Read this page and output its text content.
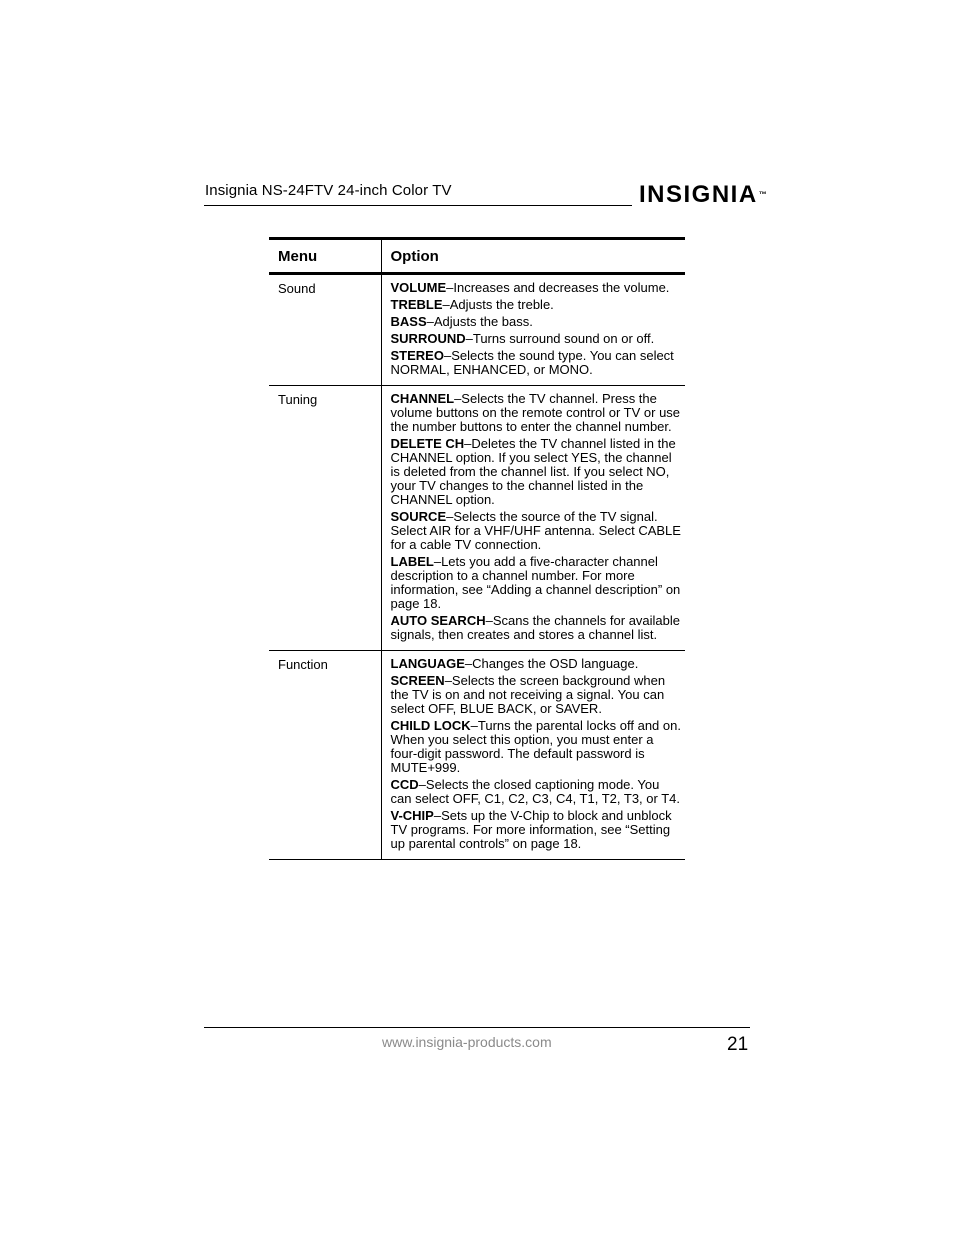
Insignia NS-24FTV 24-inch Color TV	INSIGNIA™
Menu	Option
Sound	VOLUME–Increases and decreases the volume.
TREBLE–Adjusts the treble.
BASS–Adjusts the bass.
SURROUND–Turns surround sound on or off.
STEREO–Selects the sound type. You can select NORMAL, ENHANCED, or MONO.

Tuning	CHANNEL–Selects the TV channel. Press the volume buttons on the remote control or TV or use the number buttons to enter the channel number.
DELETE CH–Deletes the TV channel listed in the CHANNEL option. If you select YES, the channel is deleted from the channel list. If you select NO, your TV changes to the channel listed in the CHANNEL option.
SOURCE–Selects the source of the TV signal. Select AIR for a VHF/UHF antenna. Select CABLE for a cable TV connection.
LABEL–Lets you add a five-character channel description to a channel number. For more information, see “Adding a channel description” on page 18.
AUTO SEARCH–Scans the channels for available signals, then creates and stores a channel list.

Function	LANGUAGE–Changes the OSD language.
SCREEN–Selects the screen background when the TV is on and not receiving a signal. You can select OFF, BLUE BACK, or SAVER.
CHILD LOCK–Turns the parental locks off and on. When you select this option, you must enter a four-digit password. The default password is MUTE+999.
CCD–Selects the closed captioning mode. You can select OFF, C1, C2, C3, C4, T1, T2, T3, or T4.
V-CHIP–Sets up the V-Chip to block and unblock TV programs. For more information, see “Setting up parental controls” on page 18.
www.insignia-products.com	21
